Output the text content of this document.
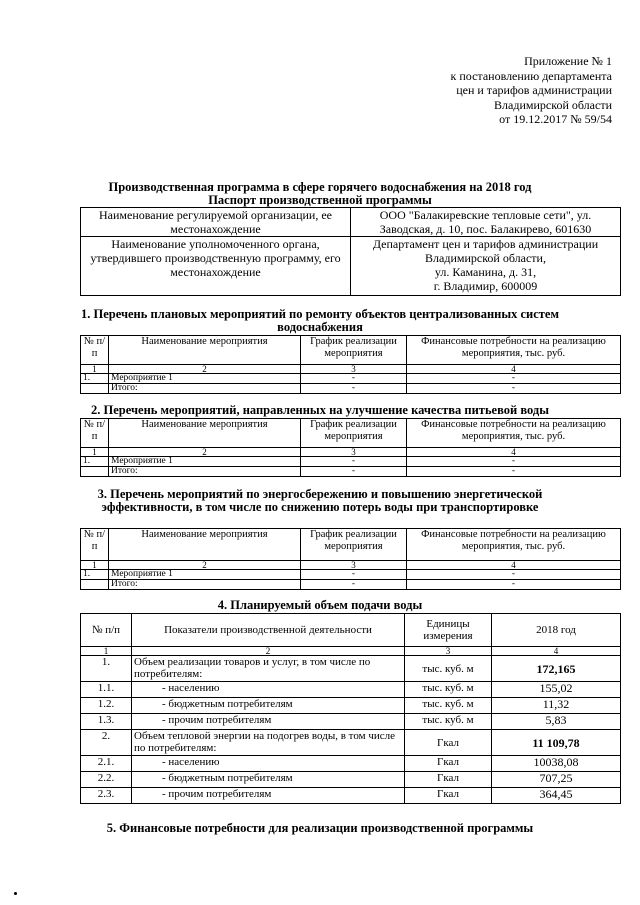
Приложение № 1
к постановлению департамента
цен и тарифов администрации
Владимирской области
от 19.12.2017 № 59/54
Производственная программа в сфере горячего водоснабжения на 2018 год
Паспорт производственной программы
Наименование регулируемой организации, ее местонахождение	ООО "Балакиревские тепловые сети", ул. Заводская, д. 10, пос. Балакирево, 601630
Наименование уполномоченного органа, утвердившего производственную программу, его местонахождение	Департамент цен и тарифов администрации
Владимирской области,
ул. Каманина, д. 31,
г. Владимир, 600009
1. Перечень плановых мероприятий по ремонту объектов централизованных систем
водоснабжения
№ п/п	Наименование мероприятия	График реализации мероприятия	Финансовые потребности на реализацию мероприятия, тыс. руб.
1	2	3	4
1.	Мероприятие 1	-	-
	Итого:	-	-
2. Перечень мероприятий, направленных на улучшение качества питьевой воды
№ п/п	Наименование мероприятия	График реализации мероприятия	Финансовые потребности на реализацию мероприятия, тыс. руб.
1	2	3	4
1.	Мероприятие 1	-	-
	Итого:	-	-
3. Перечень мероприятий по энергосбережению и повышению энергетической
эффективности, в том числе по снижению потерь воды при транспортировке
№ п/п	Наименование мероприятия	График реализации мероприятия	Финансовые потребности на реализацию мероприятия, тыс. руб.
1	2	3	4
1.	Мероприятие 1	-	-
	Итого:	-	-
4. Планируемый объем подачи воды
№ п/п	Показатели производственной деятельности	Единицы измерения	2018 год
1	2	3	4
1.	Объем реализации товаров и услуг, в том числе по потребителям:	тыс. куб. м	172,165
1.1.	- населению	тыс. куб. м	155,02
1.2.	- бюджетным потребителям	тыс. куб. м	11,32
1.3.	- прочим потребителям	тыс. куб. м	5,83
2.	Объем тепловой энергии на подогрев воды, в том числе по потребителям:	Гкал	11 109,78
2.1.	- населению	Гкал	10038,08
2.2.	- бюджетным потребителям	Гкал	707,25
2.3.	- прочим потребителям	Гкал	364,45
5. Финансовые потребности для реализации производственной программы
